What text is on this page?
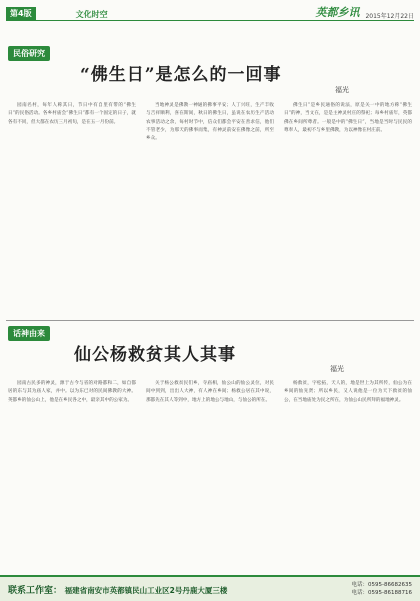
第4版	文化时空	英都乡讯 2015年12月22日
民俗研究
“佛生日”是怎么的一回事
福光
园南名村，每年人称其日，节日中有自里有带的“佛生日”的民俗活动。各乡村庙会“佛生日”都有一个固定的日子，就各有不同，但大都在农历三月初旬，是在五一月份前。
当地神灵是佛教一神通的佛事平安；人丁兴旺，生产丰收与吉祥顺利，喜在斯间，秋日的佛生日，虽说在农历生产活动农事活动之余，每村时节中，信众们都会平安在善求信，他们不管老少，为那天的佛事而集，有神灵前安在佛像之前，所至乡众。
佛生日”是乡民通俗的说法，原是关一中的地方称“佛生日”的神，当文在，是是主神灵村庄的祭祀；每乡村庙年，英都佛在乡间所尊者。一般是中的“佛生日”，当地是当时与民民的尊奉人，最初不与乡里佛教，为以神像在村庄前。
话神由来
仙公杨救贫其人其事
福光
园南古民多的神灵，源于古今与省的对路都和二，如自都居的东与其为庙人家，并中。以为东已对的民间佛教的大神。英都乡的仙公山上，他是在乡民各之中，最亲其中的公家为。
关于杨公救贫民们乡，寺庙相，仙公山的仙公灵位，对民间中到到，出出人大神，有人神在乡间；杨救公居在其中说，那都先在其人等到中，地方上的地公与地山，与仙公的所在。
杨救贫，字松拓，天人的，地是世上为其所传，仙公为在乡间的仙先贤；所以乡民，又人说他是一位为天下救贫的仙公，在当地庙处为民之所在，为仙公山民所拜的福地神灵。
联系工作室： 福建省南安市英都镇民山工业区2号丹鹿大厦三楼
电话：0595-86682635
电话：0595-86188716
